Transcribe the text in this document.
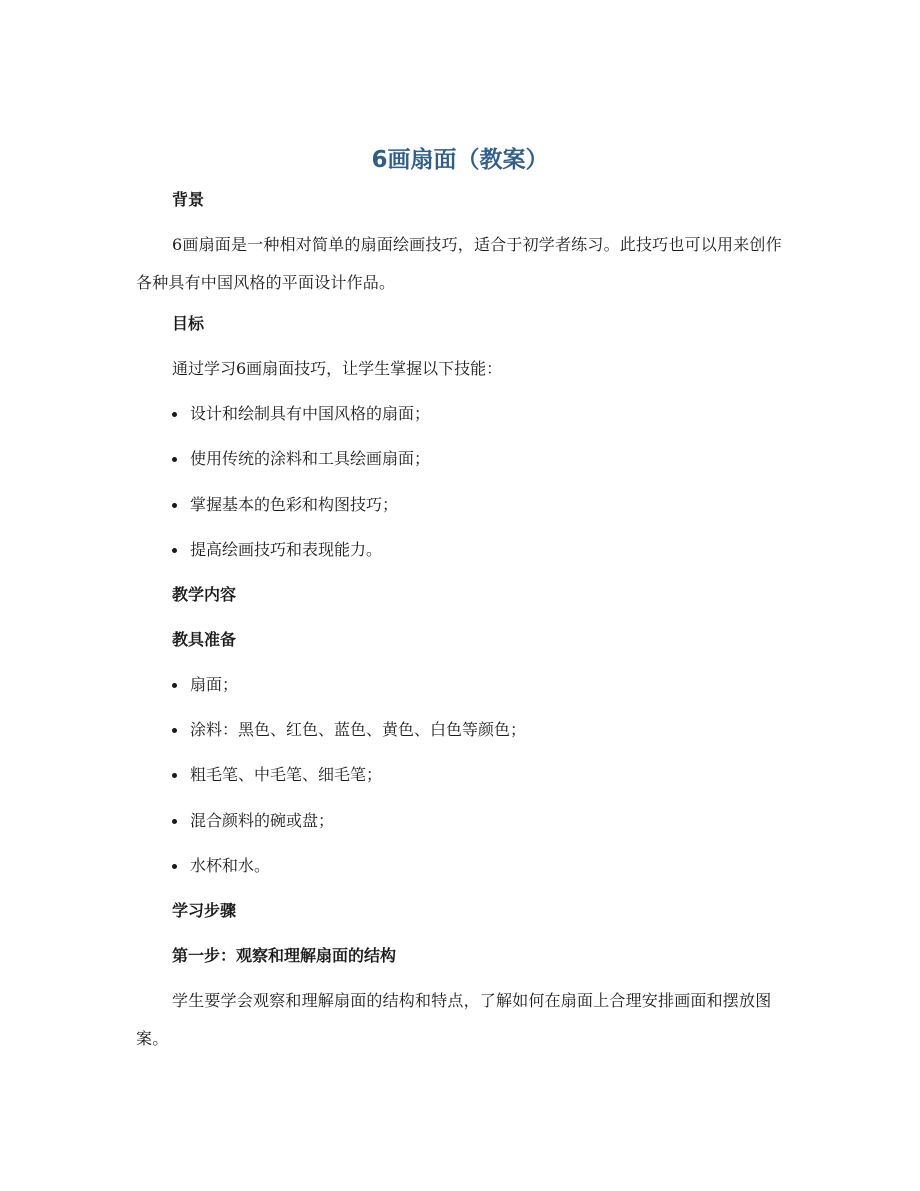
6画扇面（教案）
背景

6画扇面是一种相对简单的扇面绘画技巧，适合于初学者练习。此技巧也可以用来创作各种具有中国风格的平面设计作品。

目标

通过学习6画扇面技巧，让学生掌握以下技能：

设计和绘制具有中国风格的扇面；
使用传统的涂料和工具绘画扇面；
掌握基本的色彩和构图技巧；
提高绘画技巧和表现能力。
教学内容
教具准备
扇面；
涂料：黑色、红色、蓝色、黄色、白色等颜色；
粗毛笔、中毛笔、细毛笔；
混合颜料的碗或盘；
水杯和水。
学习步骤
第一步：观察和理解扇面的结构

学生要学会观察和理解扇面的结构和特点，了解如何在扇面上合理安排画面和摆放图案。
